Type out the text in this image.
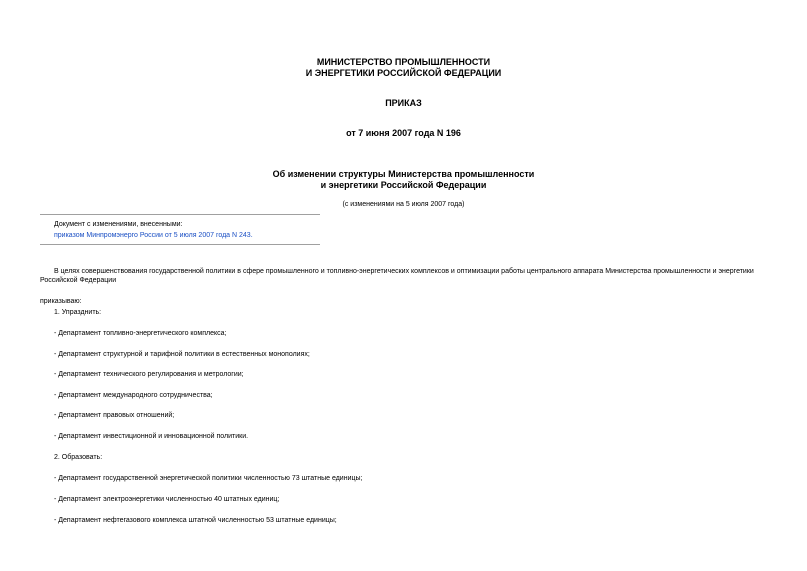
МИНИСТЕРСТВО ПРОМЫШЛЕННОСТИ
И ЭНЕРГЕТИКИ РОССИЙСКОЙ ФЕДЕРАЦИИ
ПРИКАЗ
от 7 июня 2007 года N 196
Об изменении структуры Министерства промышленности
и энергетики Российской Федерации
(с изменениями на 5 июля 2007 года)
Документ с изменениями, внесенными:
приказом Минпромэнерго России от 5 июля 2007 года N 243.
В целях совершенствования государственной политики в сфере промышленного и топливно-энергетических комплексов и оптимизации работы центрального аппарата Министерства промышленности и энергетики Российской Федерации
приказываю:
1. Упразднить:
- Департамент топливно-энергетического комплекса;
- Департамент структурной и тарифной политики в естественных монополиях;
- Департамент технического регулирования и метрологии;
- Департамент международного сотрудничества;
- Департамент правовых отношений;
- Департамент инвестиционной и инновационной политики.
2. Образовать:
- Департамент государственной энергетической политики численностью 73 штатные единицы;
- Департамент электроэнергетики численностью 40 штатных единиц;
- Департамент нефтегазового комплекса штатной численностью 53 штатные единицы;
